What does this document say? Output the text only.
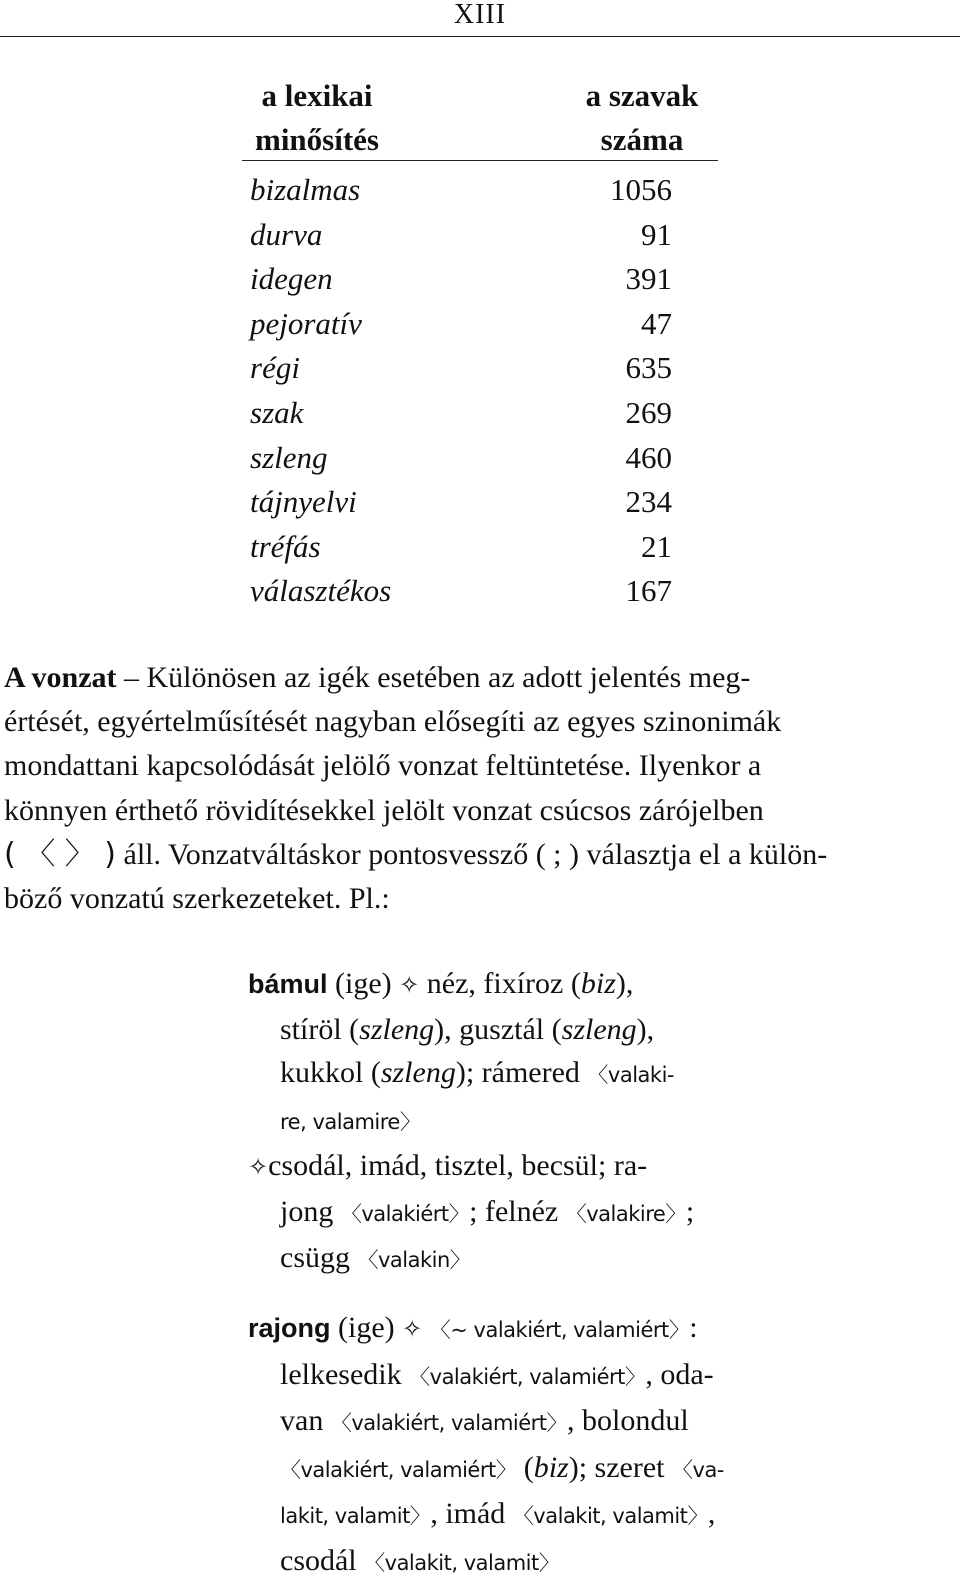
XIII
a lexikai
minősítés
a szavak
száma
bizalmas	1056
durva	91
idegen	391
pejoratív	47
régi	635
szak	269
szleng	460
tájnyelvi	234
tréfás	21
választékos	167
A vonzat – Különösen az igék esetében az adott jelentés meg-
értését, egyértelműsítését nagyban elősegíti az egyes szinonimák
mondattani kapcsolódását jelölő vonzat feltüntetése. Ilyenkor a
könnyen érthető rövidítésekkel jelölt vonzat csúcsos zárójelben
( 〈 〉 ) áll. Vonzatváltáskor pontosvessző ( ; ) választja el a külön-
böző vonzatú szerkezeteket. Pl.:
bámul (ige) ✧ néz, fixíroz (biz),
stíröl (szleng), gusztál (szleng),
kukkol (szleng); rámered 〈valaki-
re, valamire〉
✧csodál, imád, tisztel, becsül; ra-
jong 〈valakiért〉; felnéz 〈valakire〉;
csügg 〈valakin〉
rajong (ige) ✧ 〈~ valakiért, valamiért〉:
lelkesedik 〈valakiért, valamiért〉, oda-
van 〈valakiért, valamiért〉, bolondul
〈valakiért, valamiért〉 (biz); szeret 〈va-
lakit, valamit〉, imád 〈valakit, valamit〉,
csodál 〈valakit, valamit〉
